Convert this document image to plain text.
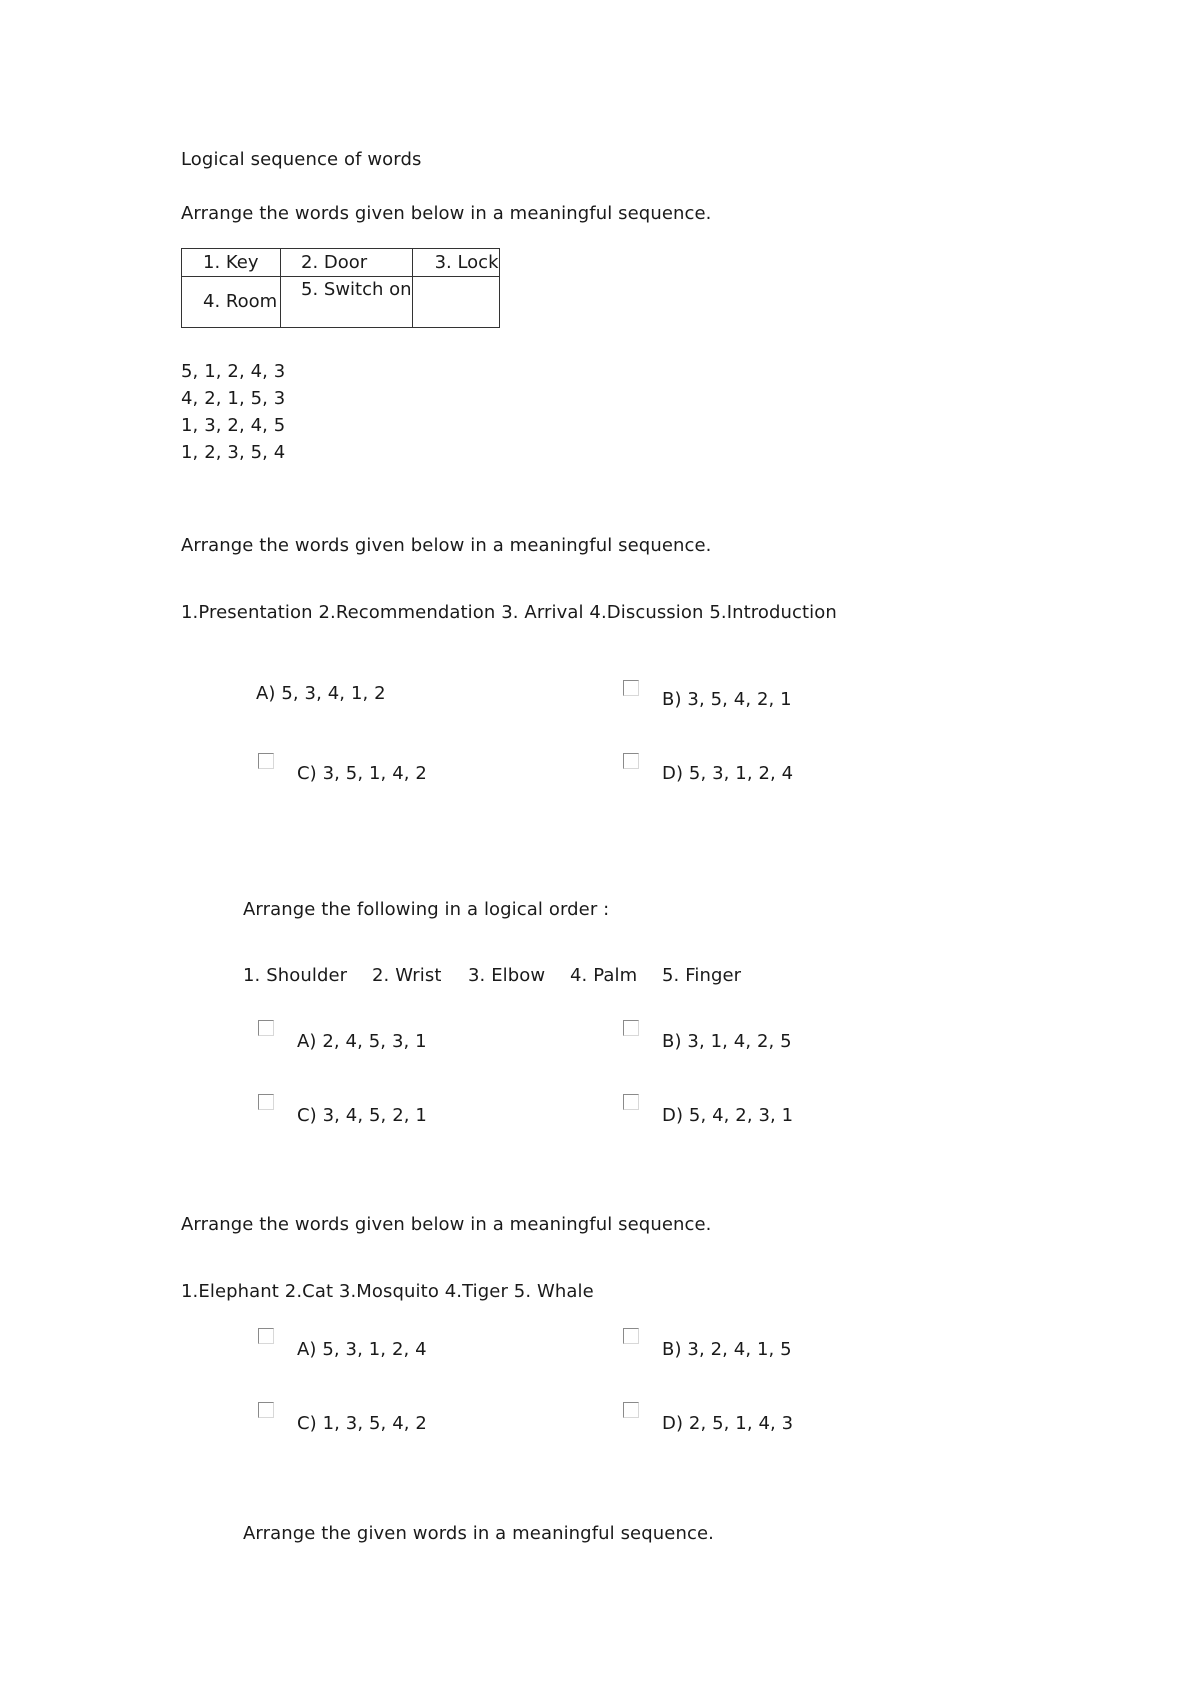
Logical sequence of words
Arrange the words given below in a meaningful sequence.
1. Key	2. Door	3. Lock
4. Room	5. Switch on	
5, 1, 2, 4, 3
4, 2, 1, 5, 3
1, 3, 2, 4, 5
1, 2, 3, 5, 4
Arrange the words given below in a meaningful sequence.
1.Presentation 2.Recommendation 3. Arrival 4.Discussion 5.Introduction
A) 5, 3, 4, 1, 2	B) 3, 5, 4, 2, 1
C) 3, 5, 1, 4, 2	D) 5, 3, 1, 2, 4
Arrange the following in a logical order :
1. Shoulder 2. Wrist 3. Elbow 4. Palm 5. Finger
A) 2, 4, 5, 3, 1	B) 3, 1, 4, 2, 5
C) 3, 4, 5, 2, 1	D) 5, 4, 2, 3, 1
Arrange the words given below in a meaningful sequence.
1.Elephant 2.Cat 3.Mosquito 4.Tiger 5. Whale
A) 5, 3, 1, 2, 4	B) 3, 2, 4, 1, 5
C) 1, 3, 5, 4, 2	D) 2, 5, 1, 4, 3
Arrange the given words in a meaningful sequence.
